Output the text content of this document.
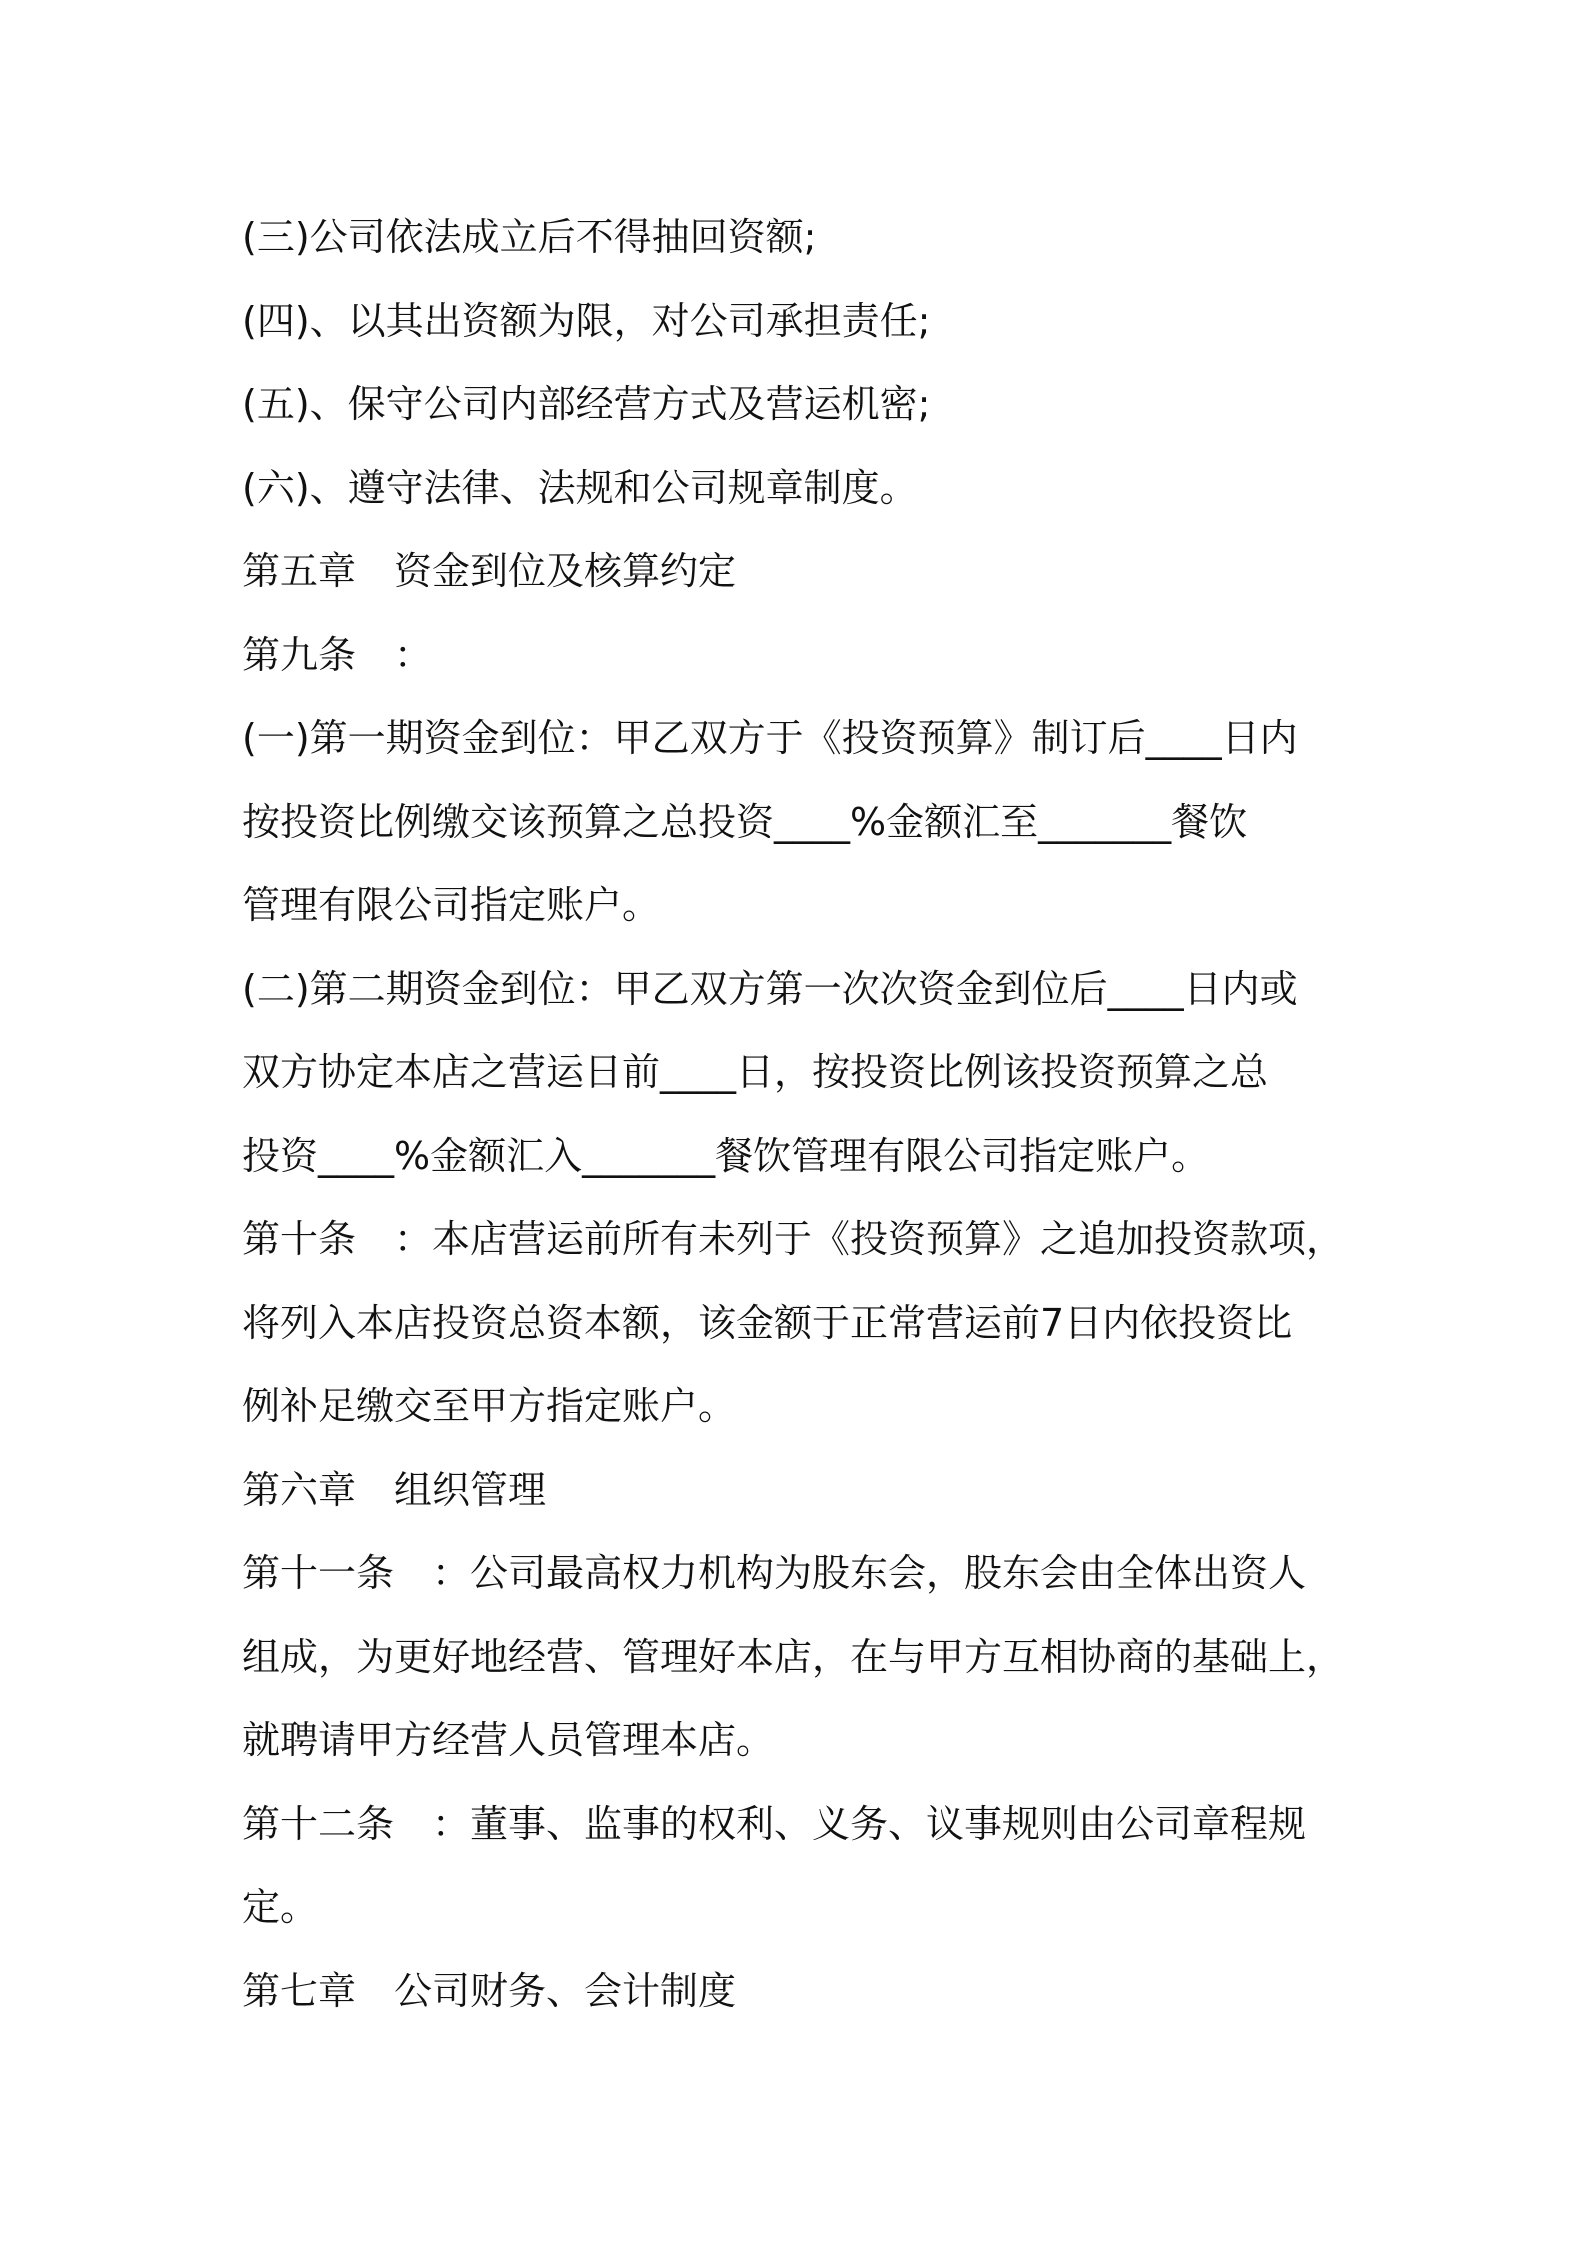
(三)公司依法成立后不得抽回资额;

(四)、以其出资额为限，对公司承担责任;

(五)、保守公司内部经营方式及营运机密;

(六)、遵守法律、法规和公司规章制度。

第五章　资金到位及核算约定

第九条　：

(一)第一期资金到位：甲乙双方于《投资预算》制订后____日内

按投资比例缴交该预算之总投资____%金额汇至_______餐饮

管理有限公司指定账户。

(二)第二期资金到位：甲乙双方第一次次资金到位后____日内或

双方协定本店之营运日前____日，按投资比例该投资预算之总

投资____%金额汇入_______餐饮管理有限公司指定账户。

第十条　：本店营运前所有未列于《投资预算》之追加投资款项，

将列入本店投资总资本额，该金额于正常营运前7日内依投资比

例补足缴交至甲方指定账户。

第六章　组织管理

第十一条　：公司最高权力机构为股东会，股东会由全体出资人

组成，为更好地经营、管理好本店，在与甲方互相协商的基础上，

就聘请甲方经营人员管理本店。

第十二条　：董事、监事的权利、义务、议事规则由公司章程规

定。

第七章　公司财务、会计制度
